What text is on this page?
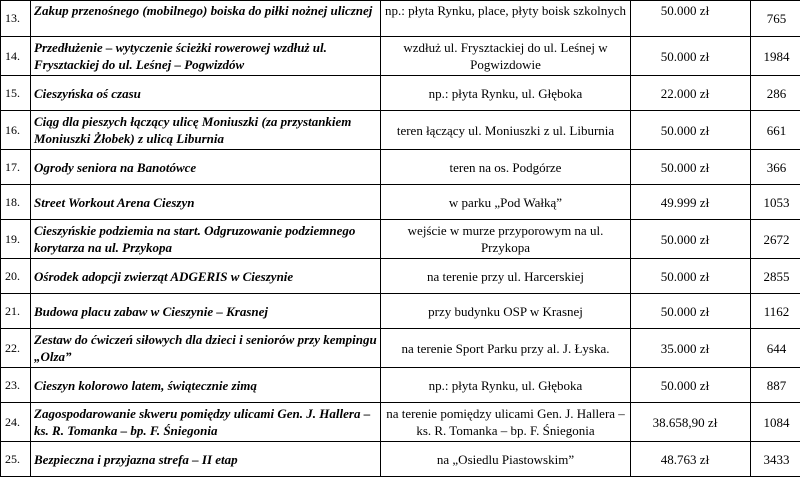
13.	Zakup przenośnego (mobilnego) boiska do piłki nożnej ulicznej	np.: płyta Rynku, place, płyty boisk szkolnych	50.000 zł	765
14.	Przedłużenie – wytyczenie ścieżki rowerowej wzdłuż ul. Frysztackiej do ul. Leśnej – Pogwizdów	wzdłuż ul. Frysztackiej do ul. Leśnej w Pogwizdowie	50.000 zł	1984
15.	Cieszyńska oś czasu	np.: płyta Rynku, ul. Głęboka	22.000 zł	286
16.	Ciąg dla pieszych łączący ulicę Moniuszki (za przystankiem Moniuszki Żłobek) z ulicą Liburnia	teren łączący ul. Moniuszki z ul. Liburnia	50.000 zł	661
17.	Ogrody seniora na Banotówce	teren na os. Podgórze	50.000 zł	366
18.	Street Workout Arena Cieszyn	w parku „Pod Wałką”	49.999 zł	1053
19.	Cieszyńskie podziemia na start. Odgruzowanie podziemnego korytarza na ul. Przykopa	wejście w murze przyporowym na ul. Przykopa	50.000 zł	2672
20.	Ośrodek adopcji zwierząt ADGERIS w Cieszynie	na terenie przy ul. Harcerskiej	50.000 zł	2855
21.	Budowa placu zabaw w Cieszynie – Krasnej	przy budynku OSP w Krasnej	50.000 zł	1162
22.	Zestaw do ćwiczeń siłowych dla dzieci i seniorów przy kempingu „Olza”	na terenie Sport Parku przy al. J. Łyska.	35.000 zł	644
23.	Cieszyn kolorowo latem, świątecznie zimą	np.: płyta Rynku, ul. Głęboka	50.000 zł	887
24.	Zagospodarowanie skweru pomiędzy ulicami Gen. J. Hallera – ks. R. Tomanka – bp. F. Śniegonia	na terenie pomiędzy ulicami Gen. J. Hallera – ks. R. Tomanka – bp. F. Śniegonia	38.658,90 zł	1084
25.	Bezpieczna i przyjazna strefa – II etap	na „Osiedlu Piastowskim”	48.763 zł	3433
